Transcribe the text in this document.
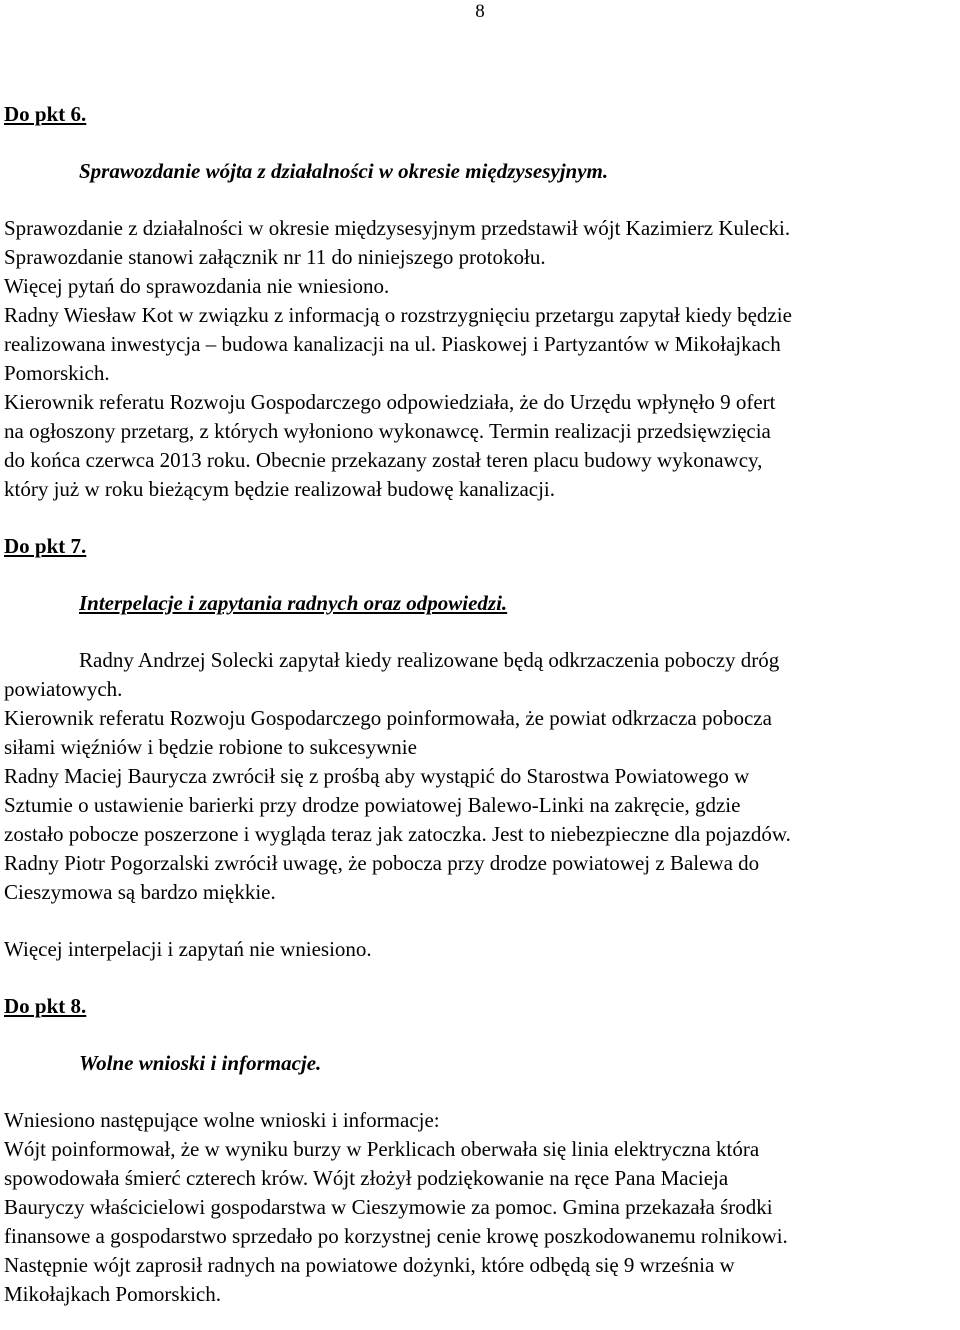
8
Do pkt 6.
Sprawozdanie wójta z działalności w okresie międzysesyjnym.
Sprawozdanie z działalności w okresie międzysesyjnym przedstawił wójt Kazimierz Kulecki.
Sprawozdanie stanowi załącznik nr 11 do niniejszego protokołu.
Więcej pytań do sprawozdania nie wniesiono.
Radny Wiesław Kot w związku z informacją o rozstrzygnięciu przetargu zapytał kiedy będzie
realizowana inwestycja – budowa kanalizacji na ul. Piaskowej i Partyzantów w Mikołajkach
Pomorskich.
Kierownik referatu Rozwoju Gospodarczego odpowiedziała, że do Urzędu wpłynęło 9 ofert
na ogłoszony przetarg, z których wyłoniono wykonawcę. Termin realizacji przedsięwzięcia
do końca czerwca 2013 roku. Obecnie przekazany został teren placu budowy wykonawcy,
który już w roku bieżącym będzie realizował budowę kanalizacji.
Do pkt 7.
Interpelacje i zapytania radnych oraz odpowiedzi.
Radny Andrzej Solecki zapytał kiedy realizowane będą odkrzaczenia poboczy dróg
powiatowych.
Kierownik referatu Rozwoju Gospodarczego poinformowała, że powiat odkrzacza pobocza
siłami więźniów i będzie robione to sukcesywnie
Radny Maciej Baurycza zwrócił się z prośbą aby wystąpić do Starostwa Powiatowego w
Sztumie o ustawienie barierki przy drodze powiatowej Balewo-Linki na zakręcie, gdzie
zostało pobocze poszerzone i wygląda teraz jak zatoczka. Jest to niebezpieczne dla pojazdów.
Radny Piotr Pogorzalski zwrócił uwagę, że pobocza przy drodze powiatowej z Balewa do
Cieszymowa są bardzo miękkie.
Więcej interpelacji i zapytań nie wniesiono.
Do pkt 8.
Wolne wnioski i informacje.
Wniesiono następujące wolne wnioski i informacje:
Wójt poinformował, że w wyniku burzy w Perklicach oberwała się linia elektryczna która
spowodowała śmierć czterech krów. Wójt złożył podziękowanie na ręce Pana Macieja
Bauryczy właścicielowi gospodarstwa w Cieszymowie za pomoc. Gmina przekazała środki
finansowe a gospodarstwo sprzedało po korzystnej cenie krowę poszkodowanemu rolnikowi.
Następnie wójt zaprosił radnych na powiatowe dożynki, które odbędą się 9 września w
Mikołajkach Pomorskich.
